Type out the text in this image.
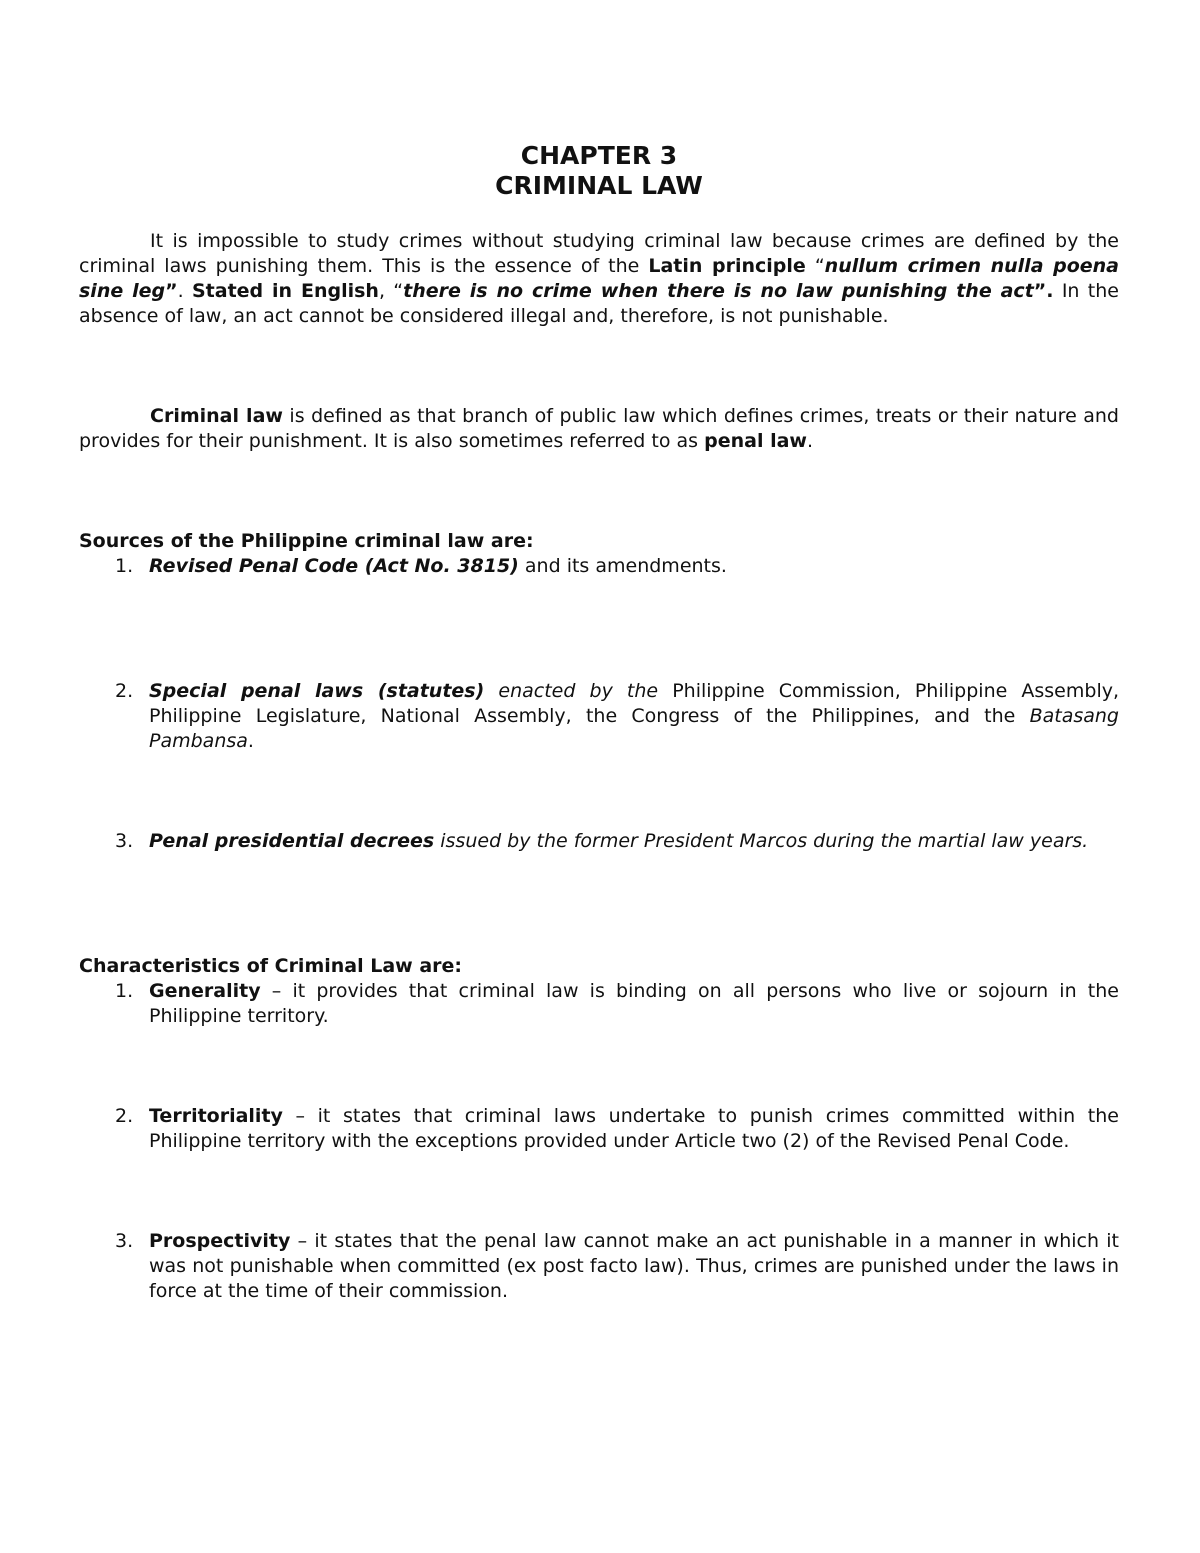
CHAPTER 3
CRIMINAL LAW

It is impossible to study crimes without studying criminal law because crimes are defined by the criminal laws punishing them. This is the essence of the Latin principle “nullum crimen nulla poena sine leg”. Stated in English, “there is no crime when there is no law punishing the act”. In the absence of law, an act cannot be considered illegal and, therefore, is not punishable.

Criminal law is defined as that branch of public law which defines crimes, treats or their nature and provides for their punishment. It is also sometimes referred to as penal law.

Sources of the Philippine criminal law are:
1. Revised Penal Code (Act No. 3815) and its amendments.
2. Special penal laws (statutes) enacted by the Philippine Commission, Philippine Assembly, Philippine Legislature, National Assembly, the Congress of the Philippines, and the Batasang Pambansa.
3. Penal presidential decrees issued by the former President Marcos during the martial law years.
Characteristics of Criminal Law are:
1. Generality – it provides that criminal law is binding on all persons who live or sojourn in the Philippine territory.
2. Territoriality – it states that criminal laws undertake to punish crimes committed within the Philippine territory with the exceptions provided under Article two (2) of the Revised Penal Code.
3. Prospectivity – it states that the penal law cannot make an act punishable in a manner in which it was not punishable when committed (ex post facto law). Thus, crimes are punished under the laws in force at the time of their commission.
